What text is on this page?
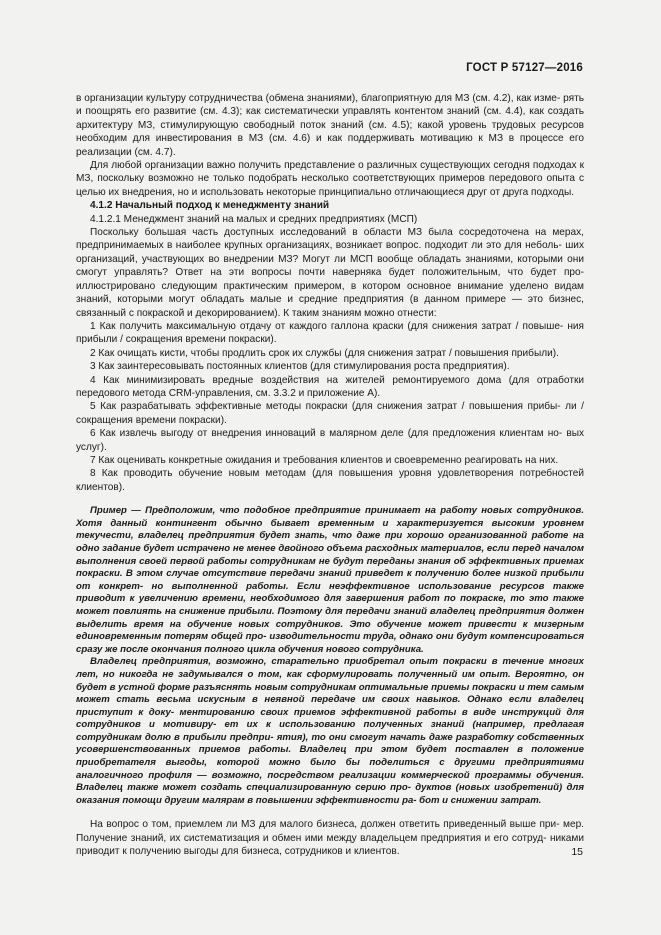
ГОСТ Р 57127—2016

в организации культуру сотрудничества (обмена знаниями), благоприятную для МЗ (см. 4.2), как изме- рять и поощрять его развитие (см. 4.3); как систематически управлять контентом знаний (см. 4.4), как создать архитектуру МЗ, стимулирующую свободный поток знаний (см. 4.5); какой уровень трудовых ресурсов необходим для инвестирования в МЗ (см. 4.6) и как поддерживать мотивацию к МЗ в процессе его реализации (см. 4.7).

Для любой организации важно получить представление о различных существующих сегодня подходах к МЗ, поскольку возможно не только подобрать несколько соответствующих примеров передового опыта с целью их внедрения, но и использовать некоторые принципиально отличающиеся друг от друга подходы.

4.1.2 Начальный подход к менеджменту знаний

4.1.2.1 Менеджмент знаний на малых и средних предприятиях (МСП)

Поскольку большая часть доступных исследований в области МЗ была сосредоточена на мерах, предпринимаемых в наиболее крупных организациях, возникает вопрос. подходит ли это для неболь- ших организаций, участвующих во внедрении МЗ? Могут ли МСП вообще обладать знаниями, которыми они смогут управлять? Ответ на эти вопросы почти наверняка будет положительным, что будет про- иллюстрировано следующим практическим примером, в котором основное внимание уделено видам знаний, которыми могут обладать малые и средние предприятия (в данном примере — это бизнес, связанный с покраской и декорированием). К таким знаниям можно отнести:

1 Как получить максимальную отдачу от каждого галлона краски (для снижения затрат / повыше- ния прибыли / сокращения времени покраски).

2 Как очищать кисти, чтобы продлить срок их службы (для снижения затрат / повышения прибыли).

3 Как заинтересовывать постоянных клиентов (для стимулирования роста предприятия).

4 Как минимизировать вредные воздействия на жителей ремонтируемого дома (для отработки передового метода CRM-управления, см. 3.3.2 и приложение А).

5 Как разрабатывать эффективные методы покраски (для снижения затрат / повышения прибы- ли / сокращения времени покраски).

6 Как извлечь выгоду от внедрения инноваций в малярном деле (для предложения клиентам но- вых услуг).

7 Как оценивать конкретные ожидания и требования клиентов и своевременно реагировать на них.

8 Как проводить обучение новым методам (для повышения уровня удовлетворения потребностей клиентов).

Пример — Предположим, что подобное предприятие принимает на работу новых сотрудников. Хотя данный контингент обычно бывает временным и характеризуется высоким уровнем текучести, владелец предприятия будет знать, что даже при хорошо организованной работе на одно задание будет истрачено не менее двойного объема расходных материалов, если перед началом выполнения своей первой работы сотрудникам не будут переданы знания об эффективных приемах покраски. В этом случае отсутствие передачи знаний приведет к получению более низкой прибыли от конкрет- но выполненной работы. Если неэффективное использование ресурсов также приводит к увеличению времени, необходимого для завершения работ по покраске, то это также может повлиять на снижение прибыли. Поэтому для передачи знаний владелец предприятия должен выделить время на обучение новых сотрудников. Это обучение может привести к мизерным единовременным потерям общей про- изводительности труда, однако они будут компенсироваться сразу же после окончания полного цикла обучения нового сотрудника.

Владелец предприятия, возможно, старательно приобретал опыт покраски в течение многих лет, но никогда не задумывался о том, как сформулировать полученный им опыт. Вероятно, он будет в устной форме разъяснять новым сотрудникам оптимальные приемы покраски и тем самым может стать весьма искусным в неявной передаче им своих навыков. Однако если владелец приступит к доку- ментированию своих приемов эффективной работы в виде инструкций для сотрудников и мотивиру- ет их к использованию полученных знаний (например, предлагая сотрудникам долю в прибыли предпри- ятия), то они смогут начать даже разработку собственных усовершенствованных приемов работы. Владелец при этом будет поставлен в положение приобретателя выгоды, которой можно было бы поделиться с другими предприятиями аналогичного профиля — возможно, посредством реализации коммерческой программы обучения. Владелец также может создать специализированную серию про- дуктов (новых изобретений) для оказания помощи другим малярам в повышении эффективности ра- бот и снижении затрат.

На вопрос о том, приемлем ли МЗ для малого бизнеса, должен ответить приведенный выше при- мер. Получение знаний, их систематизация и обмен ими между владельцем предприятия и его сотруд- никами приводит к получению выгоды для бизнеса, сотрудников и клиентов.	15
